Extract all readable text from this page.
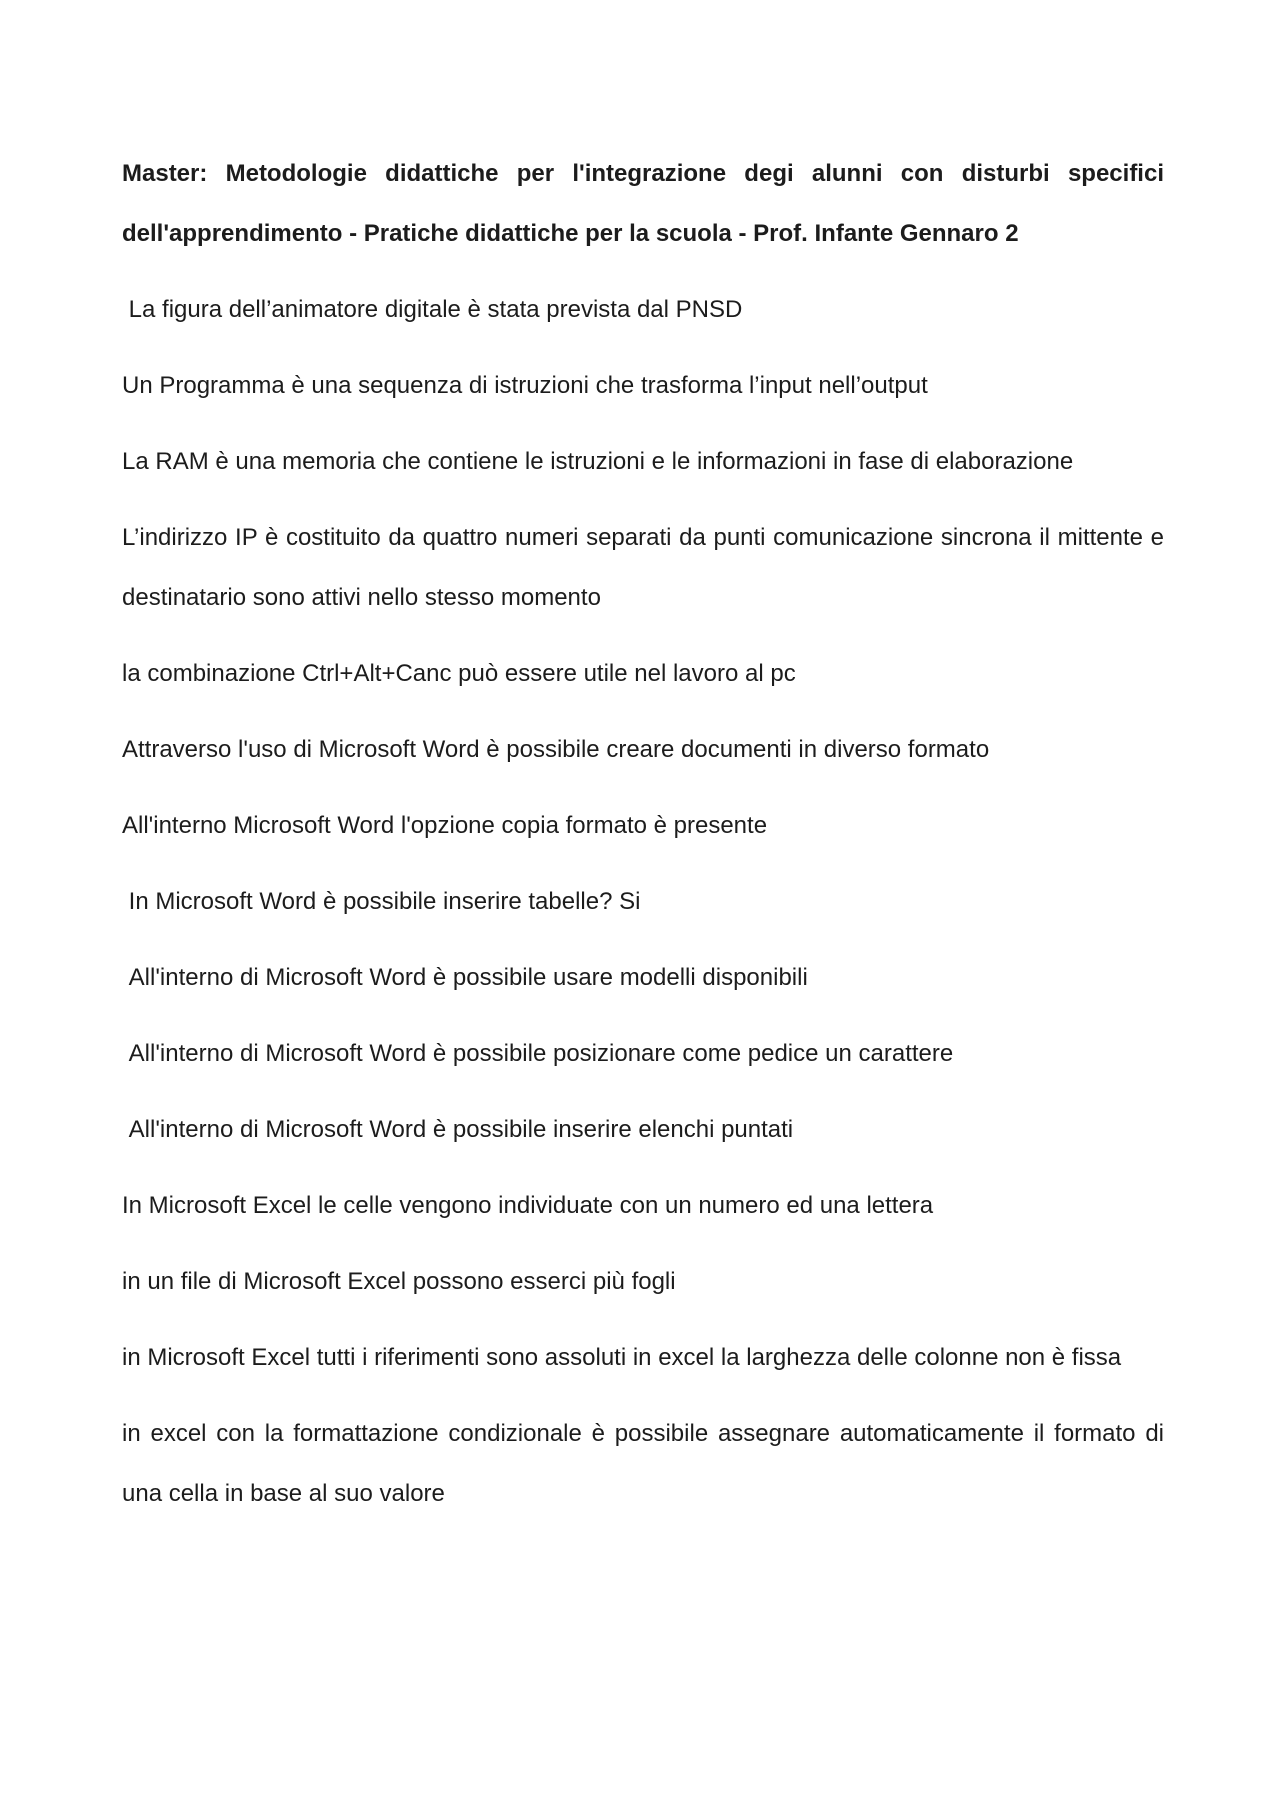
Master: Metodologie didattiche per l'integrazione degi alunni con disturbi specifici dell'apprendimento - Pratiche didattiche per la scuola - Prof. Infante Gennaro 2

La figura dell’animatore digitale è stata prevista dal PNSD

Un Programma è una sequenza di istruzioni che trasforma l’input nell’output

La RAM è una memoria che contiene le istruzioni e le informazioni in fase di elaborazione

L’indirizzo IP è costituito da quattro numeri separati da punti comunicazione sincrona il mittente e destinatario sono attivi nello stesso momento

la combinazione Ctrl+Alt+Canc può essere utile nel lavoro al pc

Attraverso l'uso di Microsoft Word è possibile creare documenti in diverso formato

All'interno Microsoft Word l'opzione copia formato è presente

In Microsoft Word è possibile inserire tabelle? Si

All'interno di Microsoft Word è possibile usare modelli disponibili

All'interno di Microsoft Word è possibile posizionare come pedice un carattere

All'interno di Microsoft Word è possibile inserire elenchi puntati

In Microsoft Excel le celle vengono individuate con un numero ed una lettera

in un file di Microsoft Excel possono esserci più fogli

in Microsoft Excel tutti i riferimenti sono assoluti in excel la larghezza delle colonne non è fissa

in excel con la formattazione condizionale è possibile assegnare automaticamente il formato di una cella in base al suo valore
